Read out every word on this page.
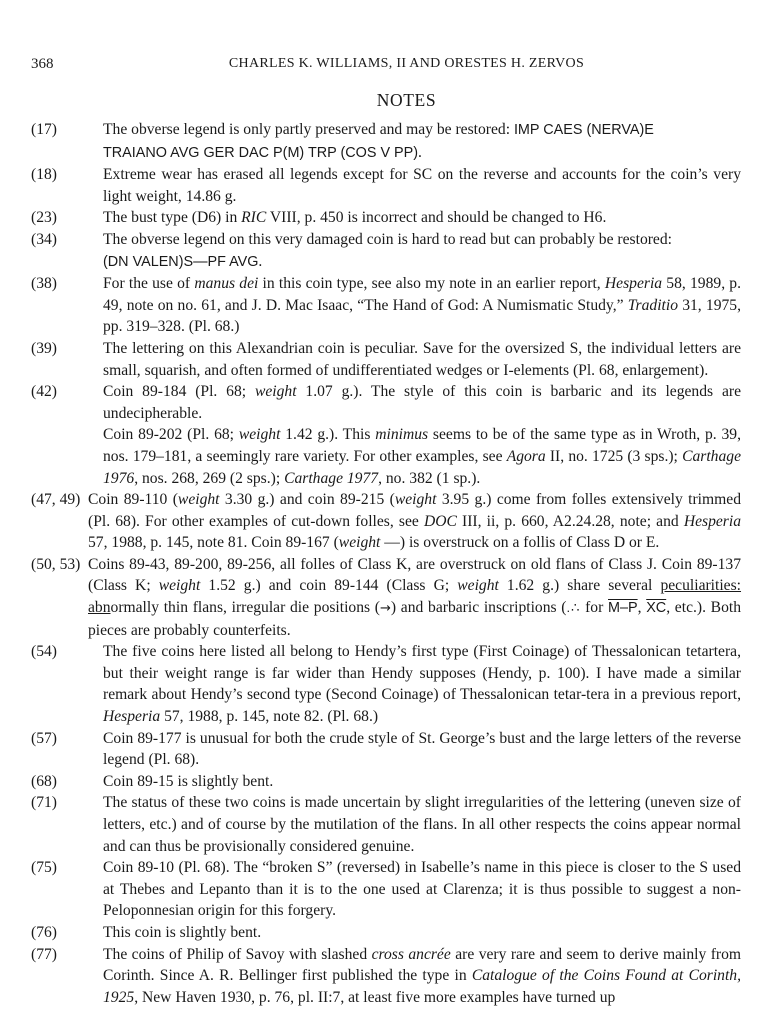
368	CHARLES K. WILLIAMS, II AND ORESTES H. ZERVOS
NOTES
(17)	The obverse legend is only partly preserved and may be restored: IMP CAES (NERVA)E
TRAIANO AVG GER DAC P(M) TRP (COS V PP).
(18)	Extreme wear has erased all legends except for SC on the reverse and accounts for the coin’s very light weight, 14.86 g.
(23)	The bust type (D6) in RIC VIII, p. 450 is incorrect and should be changed to H6.
(34)	The obverse legend on this very damaged coin is hard to read but can probably be restored:
(DN VALEN)S—PF AVG.
(38)	For the use of manus dei in this coin type, see also my note in an earlier report, Hesperia 58, 1989, p. 49, note on no. 61, and J. D. Mac Isaac, “The Hand of God: A Numismatic Study,” Traditio 31, 1975, pp. 319–328. (Pl. 68.)
(39)	The lettering on this Alexandrian coin is peculiar. Save for the oversized S, the individual letters are small, squarish, and often formed of undifferentiated wedges or I-elements (Pl. 68, enlargement).
(42)	Coin 89-184 (Pl. 68; weight 1.07 g.). The style of this coin is barbaric and its legends are undecipherable.
Coin 89-202 (Pl. 68; weight 1.42 g.). This minimus seems to be of the same type as in Wroth, p. 39, nos. 179–181, a seemingly rare variety. For other examples, see Agora II, no. 1725 (3 sps.); Carthage 1976, nos. 268, 269 (2 sps.); Carthage 1977, no. 382 (1 sp.).
(47, 49) Coin 89-110 (weight 3.30 g.) and coin 89-215 (weight 3.95 g.) come from folles extensively trimmed (Pl. 68). For other examples of cut-down folles, see DOC III, ii, p. 660, A2.24.28, note; and Hesperia 57, 1988, p. 145, note 81. Coin 89-167 (weight —) is overstruck on a follis of Class D or E.
(50, 53) Coins 89-43, 89-200, 89-256, all folles of Class K, are overstruck on old flans of Class J. Coin 89-137 (Class K; weight 1.52 g.) and coin 89-144 (Class G; weight 1.62 g.) share several peculiarities: abnormally thin flans, irregular die positions (→) and barbaric inscriptions (.∴ for M–P, $\overline{XC}$, etc.). Both pieces are probably counterfeits.
(54)	The five coins here listed all belong to Hendy’s first type (First Coinage) of Thessalonican tetartera, but their weight range is far wider than Hendy supposes (Hendy, p. 100). I have made a similar remark about Hendy’s second type (Second Coinage) of Thessalonican tetar-tera in a previous report, Hesperia 57, 1988, p. 145, note 82. (Pl. 68.)
(57)	Coin 89-177 is unusual for both the crude style of St. George’s bust and the large letters of the reverse legend (Pl. 68).
(68)	Coin 89-15 is slightly bent.
(71)	The status of these two coins is made uncertain by slight irregularities of the lettering (uneven size of letters, etc.) and of course by the mutilation of the flans. In all other respects the coins appear normal and can thus be provisionally considered genuine.
(75)	Coin 89-10 (Pl. 68). The “broken S” (reversed) in Isabelle’s name in this piece is closer to the S used at Thebes and Lepanto than it is to the one used at Clarenza; it is thus possible to suggest a non-Peloponnesian origin for this forgery.
(76)	This coin is slightly bent.
(77)	The coins of Philip of Savoy with slashed cross ancrée are very rare and seem to derive mainly from Corinth. Since A. R. Bellinger first published the type in Catalogue of the Coins Found at Corinth, 1925, New Haven 1930, p. 76, pl. II:7, at least five more examples have turned up
